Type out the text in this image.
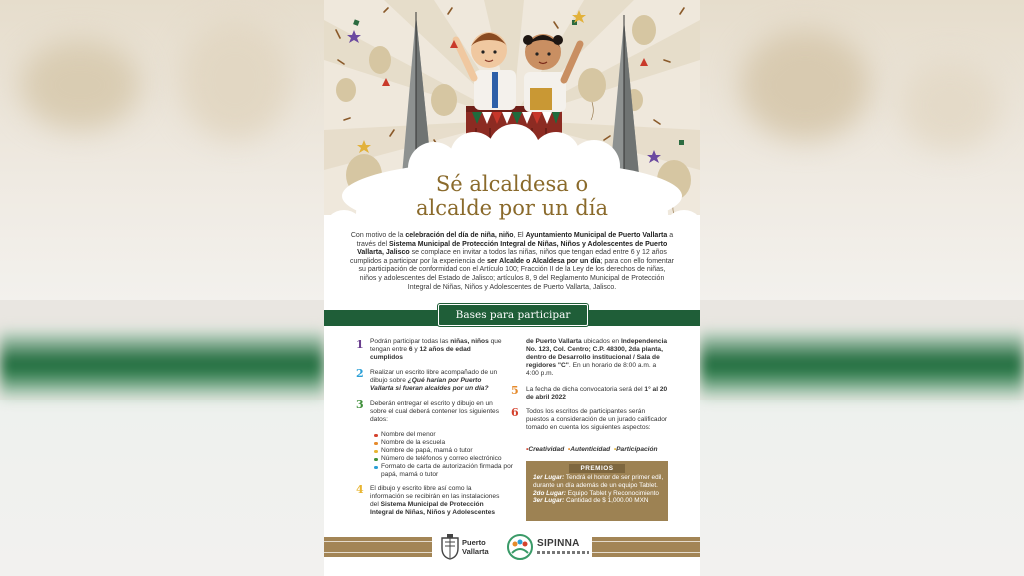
Sé alcaldesa o
alcalde por un día
Con motivo de la celebración del día de niña, niño, El Ayuntamiento Municipal de Puerto Vallarta a través del Sistema Municipal de Protección Integral de Niñas, Niños y Adolescentes de Puerto Vallarta, Jalisco se complace en invitar a todos las niñas, niños que tengan edad entre 6 y 12 años cumplidos a participar por la experiencia de ser Alcalde o Alcaldesa por un día; para con ello fomentar su participación de conformidad con el Artículo 100; Fracción II de la Ley de los derechos de niñas, niños y adolescentes del Estado de Jalisco; artículos 8, 9 del Reglamento Municipal de Protección Integral de Niñas, Niños y Adolescentes de Puerto Vallarta, Jalisco.
Bases para participar
1 Podrán participar todas las niñas, niños que tengan entre 6 y 12 años de edad cumplidos
2 Realizar un escrito libre acompañado de un dibujo sobre ¿Qué harían por Puerto Vallarta si fueran alcaldes por un día?
3 Deberán entregar el escrito y dibujo en un sobre el cual deberá contener los siguientes datos:
Nombre del menor
Nombre de la escuela
Nombre de papá, mamá o tutor
Número de teléfonos y correo electrónico
Formato de carta de autorización firmada por papá, mamá o tutor
4 El dibujo y escrito libre así como la información se recibirán en las instalaciones del Sistema Municipal de Protección Integral de Niñas, Niños y Adolescentes
de Puerto Vallarta ubicados en Independencia No. 123, Col. Centro; C.P. 48300, 2da planta, dentro de Desarrollo institucional / Sala de regidores "C". En un horario de 8:00 a.m. a 4:00 p.m.
5 La fecha de dicha convocatoria será del 1° al 20 de abril 2022
6 Todos los escritos de participantes serán puestos a consideración de un jurado calificador tomado en cuenta los siguientes aspectos:
•Creatividad •Autenticidad •Participación
PREMIOS
1er Lugar: Tendrá el honor de ser primer edil, durante un día además de un equipo Tablet.
2do Lugar: Equipo Tablet y Reconocimiento
3er Lugar: Cantidad de $ 1,000.00 MXN
Puerto
Vallarta
SIPINNA
